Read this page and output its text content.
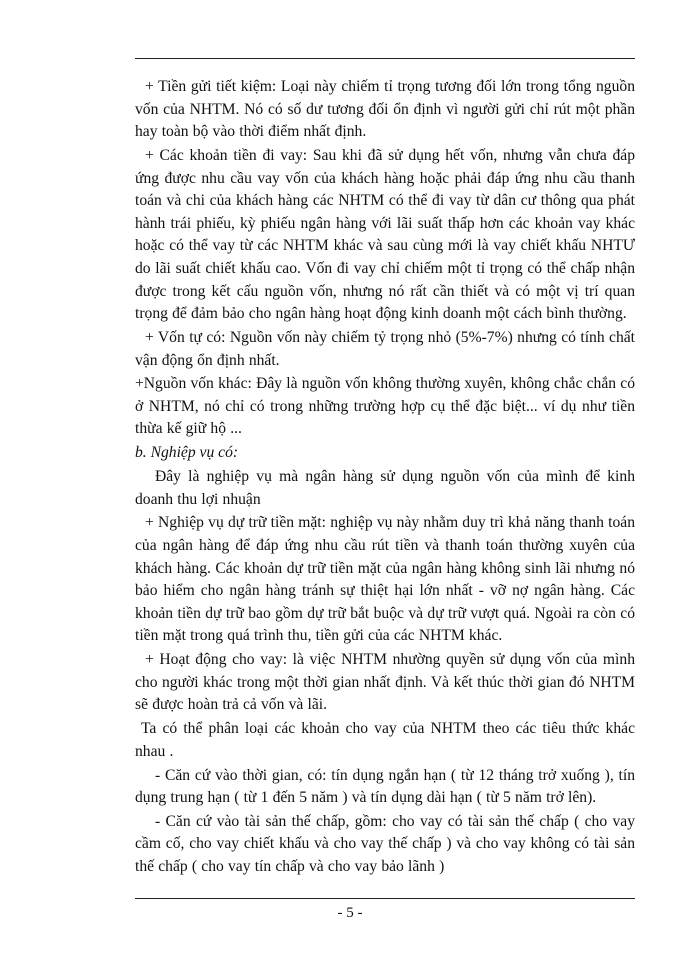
+ Tiền gửi tiết kiệm: Loại này chiếm tỉ trọng tương đối lớn trong tổng nguồn vốn của NHTM. Nó có số dư tương đối ổn định vì người gửi chỉ rút một phần hay toàn bộ vào thời điểm nhất định.

+ Các khoản tiền đi vay: Sau khi đã sử dụng hết vốn, nhưng vẫn chưa đáp ứng được nhu cầu vay vốn của khách hàng hoặc phải đáp ứng nhu cầu thanh toán và chi của khách hàng các NHTM có thể đi vay từ dân cư thông qua phát hành trái phiếu, kỳ phiếu ngân hàng với lãi suất thấp hơn các khoản vay khác hoặc có thể vay từ các NHTM khác và sau cùng mới là vay chiết khấu NHTƯ do lãi suất chiết khấu cao. Vốn đi vay chỉ chiếm một tỉ trọng có thể chấp nhận được trong kết cấu nguồn vốn, nhưng nó rất cần thiết và có một vị trí quan trọng để đảm bảo cho ngân hàng hoạt động kinh doanh một cách bình thường.

+ Vốn tự có: Nguồn vốn này chiếm tỷ trọng nhỏ (5%-7%) nhưng có tính chất vận động ổn định nhất.

+Nguồn vốn khác: Đây là nguồn vốn không thường xuyên, không chắc chắn có ở NHTM, nó chỉ có trong những trường hợp cụ thể đặc biệt... ví dụ như tiền thừa kế giữ hộ ...

b. Nghiệp vụ có:

Đây là nghiệp vụ mà ngân hàng sử dụng nguồn vốn của mình để kinh doanh thu lợi nhuận

+ Nghiệp vụ dự trữ tiền mặt: nghiệp vụ này nhằm duy trì khả năng thanh toán của ngân hàng để đáp ứng nhu cầu rút tiền và thanh toán thường xuyên của khách hàng. Các khoản dự trữ tiền mặt của ngân hàng không sinh lãi nhưng nó bảo hiểm cho ngân hàng tránh sự thiệt hại lớn nhất - vỡ nợ ngân hàng. Các khoản tiền dự trữ bao gồm dự trữ bắt buộc và dự trữ vượt quá. Ngoài ra còn có tiền mặt trong quá trình thu, tiền gửi của các NHTM khác.

+ Hoạt động cho vay: là việc NHTM nhường quyền sử dụng vốn của mình cho người khác trong một thời gian nhất định. Và kết thúc thời gian đó NHTM sẽ được hoàn trả cả vốn và lãi.

Ta có thể phân loại các khoản cho vay của NHTM theo các tiêu thức khác nhau .

- Căn cứ vào thời gian, có: tín dụng ngắn hạn ( từ 12 tháng trở xuống ), tín dụng trung hạn ( từ 1 đến 5 năm ) và tín dụng dài hạn ( từ 5 năm trở lên).

- Căn cứ vào tài sản thế chấp, gồm: cho vay có tài sản thế chấp ( cho vay cầm cố, cho vay chiết khấu và cho vay thế chấp ) và cho vay không có tài sản thế chấp ( cho vay tín chấp và cho vay bảo lãnh )

- 5 -
